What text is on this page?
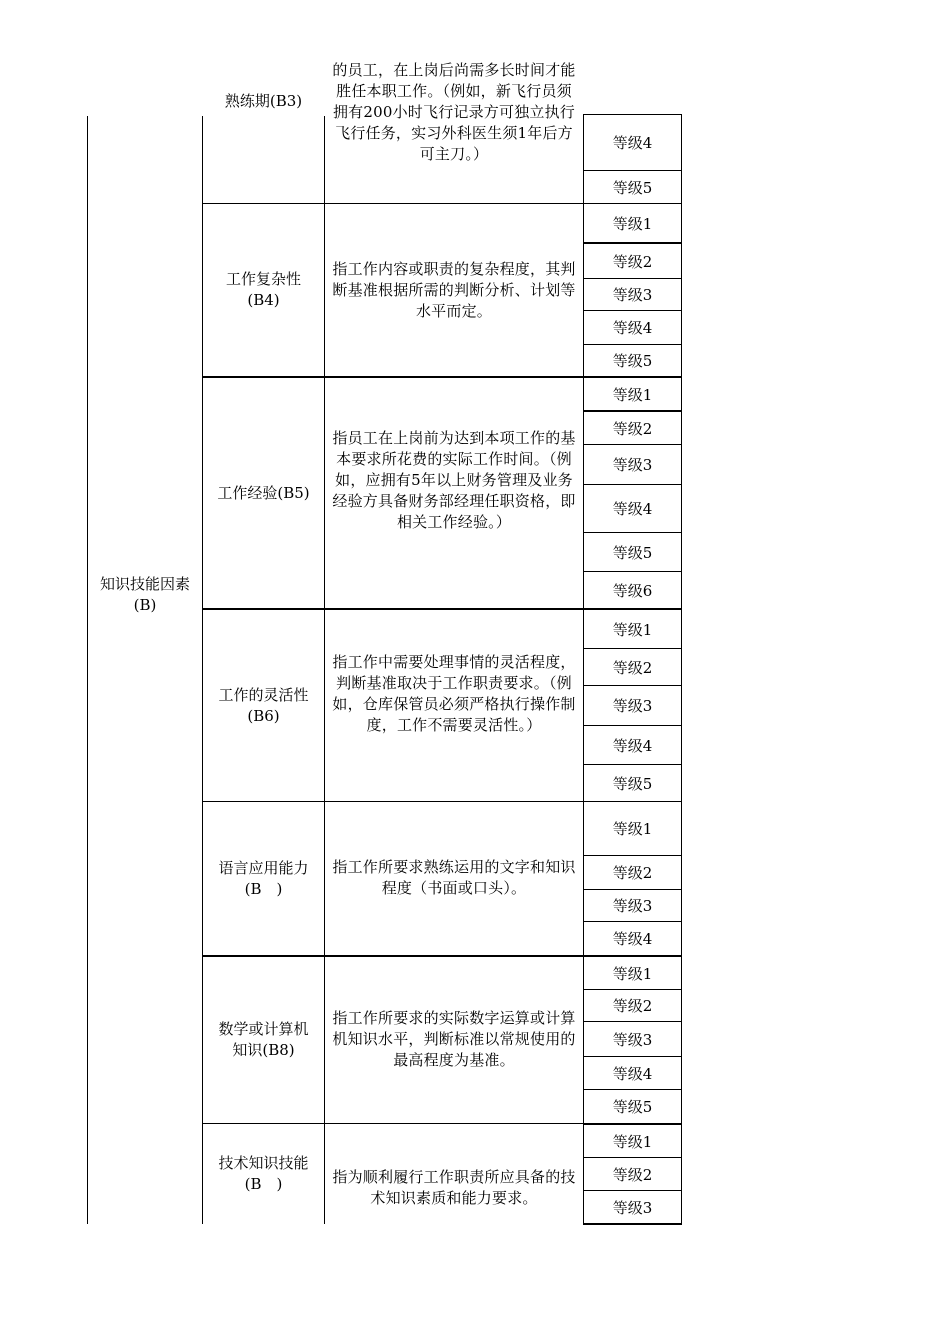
知识技能因素
(B)
熟练期(B3)
的员工，在上岗后尚需多长时间才能胜任本职工作。（例如，新飞行员须拥有200小时飞行记录方可独立执行飞行任务，实习外科医生须1年后方可主刀。）
等级4
等级5
工作复杂性
(B4)
指工作内容或职责的复杂程度，其判断基准根据所需的判断分析、计划等水平而定。
等级1
等级2
等级3
等级4
等级5
工作经验(B5)
指员工在上岗前为达到本项工作的基本要求所花费的实际工作时间。（例如，应拥有5年以上财务管理及业务经验方具备财务部经理任职资格，即相关工作经验。）
等级1
等级2
等级3
等级4
等级5
等级6
工作的灵活性
(B6)
指工作中需要处理事情的灵活程度，判断基准取决于工作职责要求。（例如，仓库保管员必须严格执行操作制度，工作不需要灵活性。）
等级1
等级2
等级3
等级4
等级5
语言应用能力
(B　)
指工作所要求熟练运用的文字和知识程度（书面或口头）。
等级1
等级2
等级3
等级4
数学或计算机
知识(B8)
指工作所要求的实际数字运算或计算机知识水平，判断标准以常规使用的最高程度为基准。
等级1
等级2
等级3
等级4
等级5
技术知识技能
(B　)	指为顺利履行工作职责所应具备的技术知识素质和能力要求。
等级1
等级2
等级3
